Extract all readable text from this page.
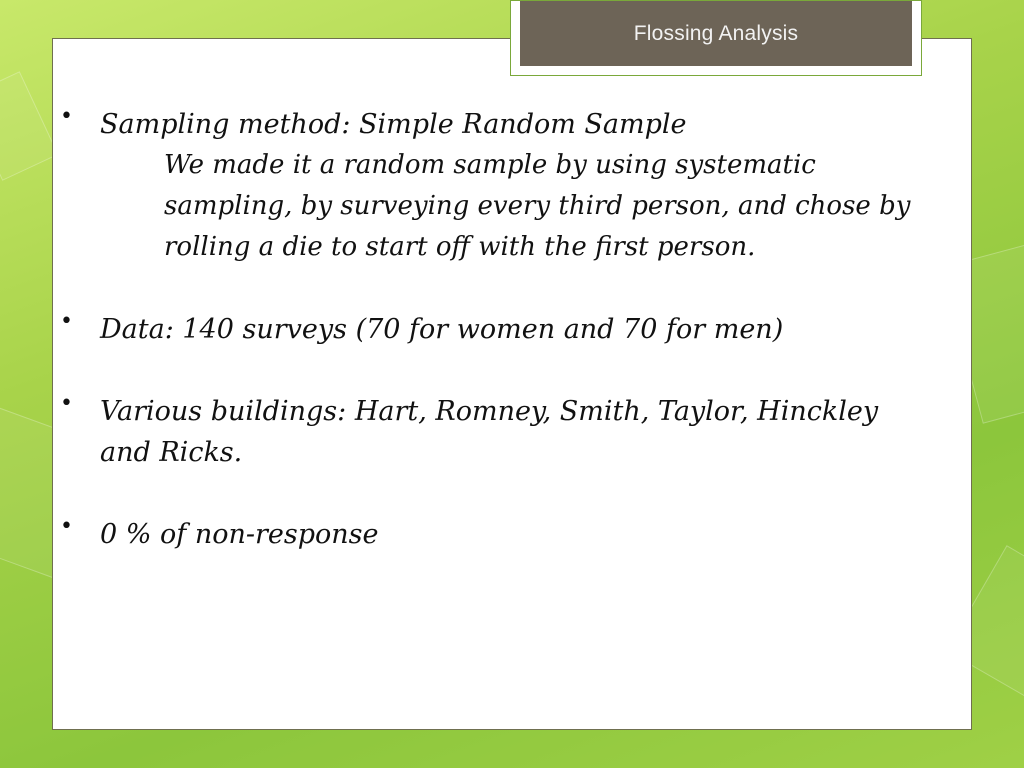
Flossing Analysis
• Sampling method: Simple Random Sample
We made it a random sample by using systematic sampling, by surveying every third person, and chose by rolling a die to start off with the first person.
• Data: 140 surveys (70 for women and 70 for men)
• Various buildings: Hart, Romney, Smith, Taylor, Hinckley and Ricks.
• 0 % of non-response
